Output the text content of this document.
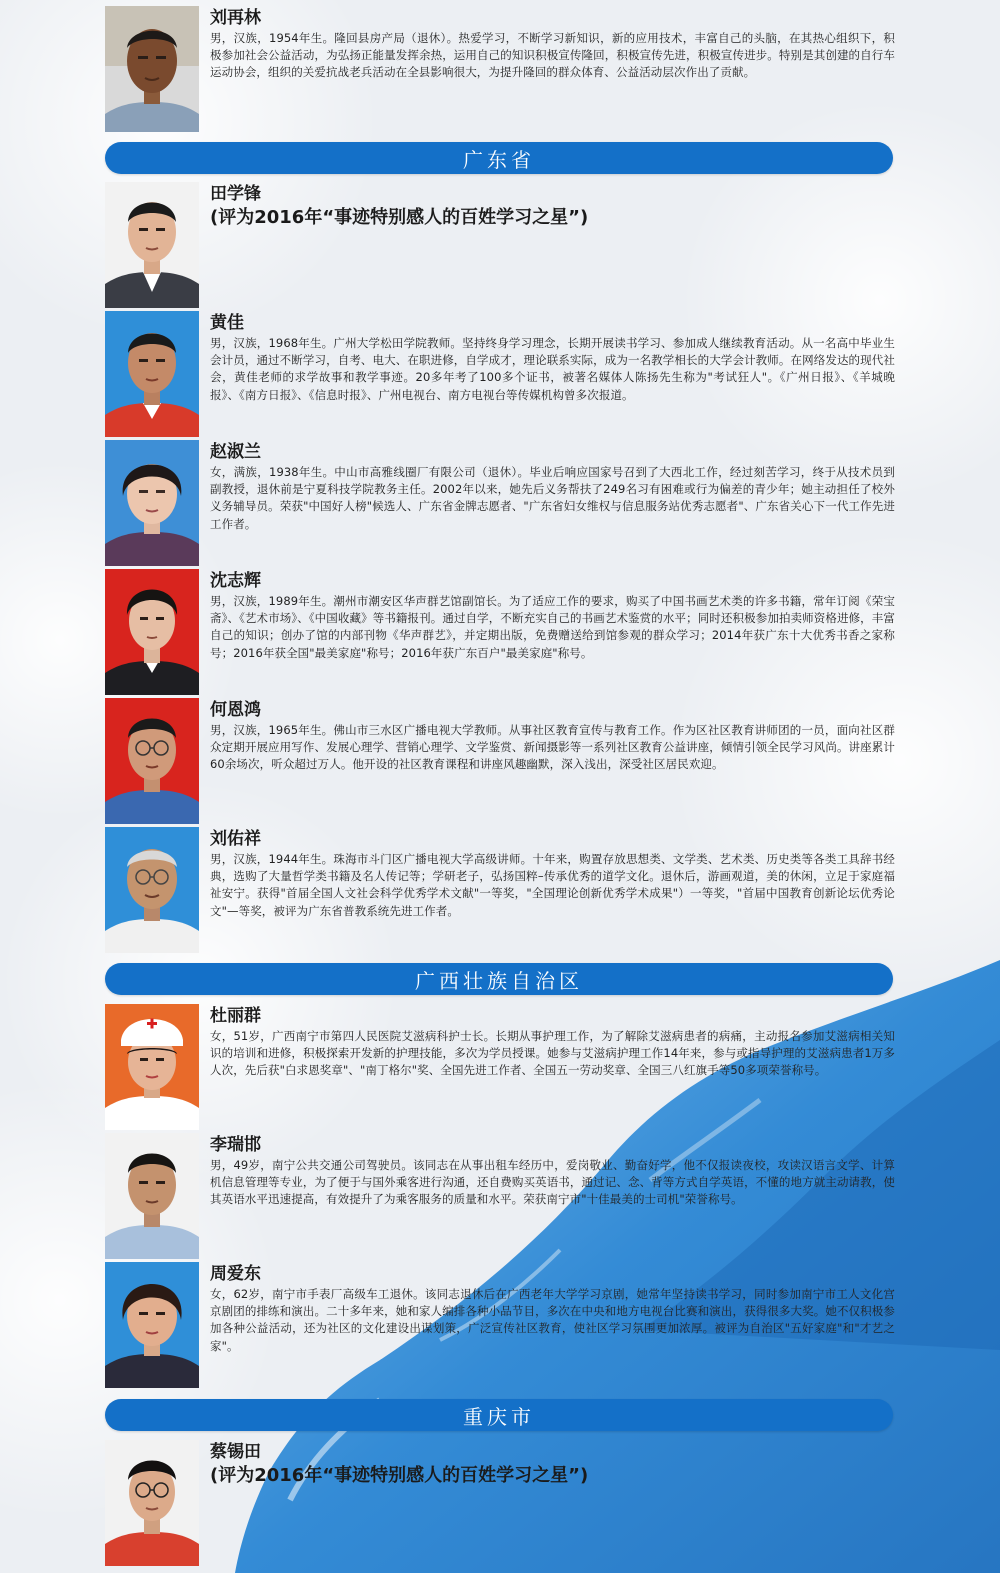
刘再林
男，汉族，1954年生。隆回县房产局（退休）。热爱学习，不断学习新知识，新的应用技术，丰富自己的头脑，在其热心组织下，积极参加社会公益活动，为弘扬正能量发挥余热，运用自己的知识积极宣传隆回，积极宣传先进，积极宣传进步。特别是其创建的自行车运动协会，组织的关爱抗战老兵活动在全县影响很大，为提升隆回的群众体育、公益活动层次作出了贡献。
广东省
田学锋
(评为2016年“事迹特别感人的百姓学习之星”)
黄佳
男，汉族，1968年生。广州大学松田学院教师。坚持终身学习理念，长期开展读书学习、参加成人继续教育活动。从一名高中毕业生会计员，通过不断学习，自考、电大、在职进修，自学成才，理论联系实际，成为一名教学相长的大学会计教师。在网络发达的现代社会，黄佳老师的求学故事和教学事迹。20多年考了100多个证书，被著名媒体人陈扬先生称为"考试狂人"。《广州日报》、《羊城晚报》、《南方日报》、《信息时报》、广州电视台、南方电视台等传媒机构曾多次报道。
赵淑兰
女，满族，1938年生。中山市高雅线圈厂有限公司（退休）。毕业后响应国家号召到了大西北工作，经过刻苦学习，终于从技术员到副教授，退休前是宁夏科技学院教务主任。2002年以来，她先后义务帮扶了249名习有困难或行为偏差的青少年；她主动担任了校外义务辅导员。荣获"中国好人榜"候选人、广东省金牌志愿者、"广东省妇女维权与信息服务站优秀志愿者"、广东省关心下一代工作先进工作者。
沈志辉
男，汉族，1989年生。潮州市潮安区华声群艺馆副馆长。为了适应工作的要求，购买了中国书画艺术类的许多书籍，常年订阅《荣宝斋》、《艺术市场》、《中国收藏》等书籍报刊。通过自学，不断充实自己的书画艺术鉴赏的水平；同时还积极参加拍卖师资格进修，丰富自己的知识；创办了馆的内部刊物《华声群艺》，并定期出版，免费赠送给到馆参观的群众学习；2014年获广东十大优秀书香之家称号；2016年获全国"最美家庭"称号；2016年获广东百户"最美家庭"称号。
何恩鸿
男，汉族，1965年生。佛山市三水区广播电视大学教师。从事社区教育宣传与教育工作。作为区社区教育讲师团的一员，面向社区群众定期开展应用写作、发展心理学、营销心理学、文学鉴赏、新闻摄影等一系列社区教育公益讲座，倾情引领全民学习风尚。讲座累计60余场次，听众超过万人。他开设的社区教育课程和讲座风趣幽默，深入浅出，深受社区居民欢迎。
刘佑祥
男，汉族，1944年生。珠海市斗门区广播电视大学高级讲师。十年来，购置存放思想类、文学类、艺术类、历史类等各类工具辞书经典，选购了大量哲学类书籍及名人传记等；学研老子，弘扬国粹–传承优秀的道学文化。退休后，游画观道，美的休闲，立足于家庭福祉安宁。获得"首届全国人文社会科学优秀学术文献"一等奖，"全国理论创新优秀学术成果"）一等奖，"首届中国教育创新论坛优秀论文"—等奖，被评为广东省普教系统先进工作者。
广西壮族自治区
杜丽群
女，51岁，广西南宁市第四人民医院艾滋病科护士长。长期从事护理工作，为了解除艾滋病患者的病痛，主动报名参加艾滋病相关知识的培训和进修，积极探索开发新的护理技能，多次为学员授课。她参与艾滋病护理工作14年来，参与或指导护理的艾滋病患者1万多人次，先后获"白求恩奖章"、"南丁格尔"奖、全国先进工作者、全国五一劳动奖章、全国三八红旗手等50多项荣誉称号。
李瑞邯
男，49岁，南宁公共交通公司驾驶员。该同志在从事出租车经历中，爱岗敬业、勤奋好学，他不仅报读夜校，攻读汉语言文学、计算机信息管理等专业，为了便于与国外乘客进行沟通，还自费购买英语书，通过记、念、背等方式自学英语，不懂的地方就主动请教，使其英语水平迅速提高，有效提升了为乘客服务的质量和水平。荣获南宁市"十佳最美的士司机"荣誉称号。
周爱东
女，62岁，南宁市手表厂高级车工退休。该同志退休后在广西老年大学学习京剧，她常年坚持读书学习，同时参加南宁市工人文化宫京剧团的排练和演出。二十多年来，她和家人编排各种小品节目，多次在中央和地方电视台比赛和演出，获得很多大奖。她不仅积极参加各种公益活动，还为社区的文化建设出谋划策，广泛宣传社区教育，使社区学习氛围更加浓厚。被评为自治区"五好家庭"和"才艺之家"。
重庆市
蔡锡田
(评为2016年“事迹特别感人的百姓学习之星”)
